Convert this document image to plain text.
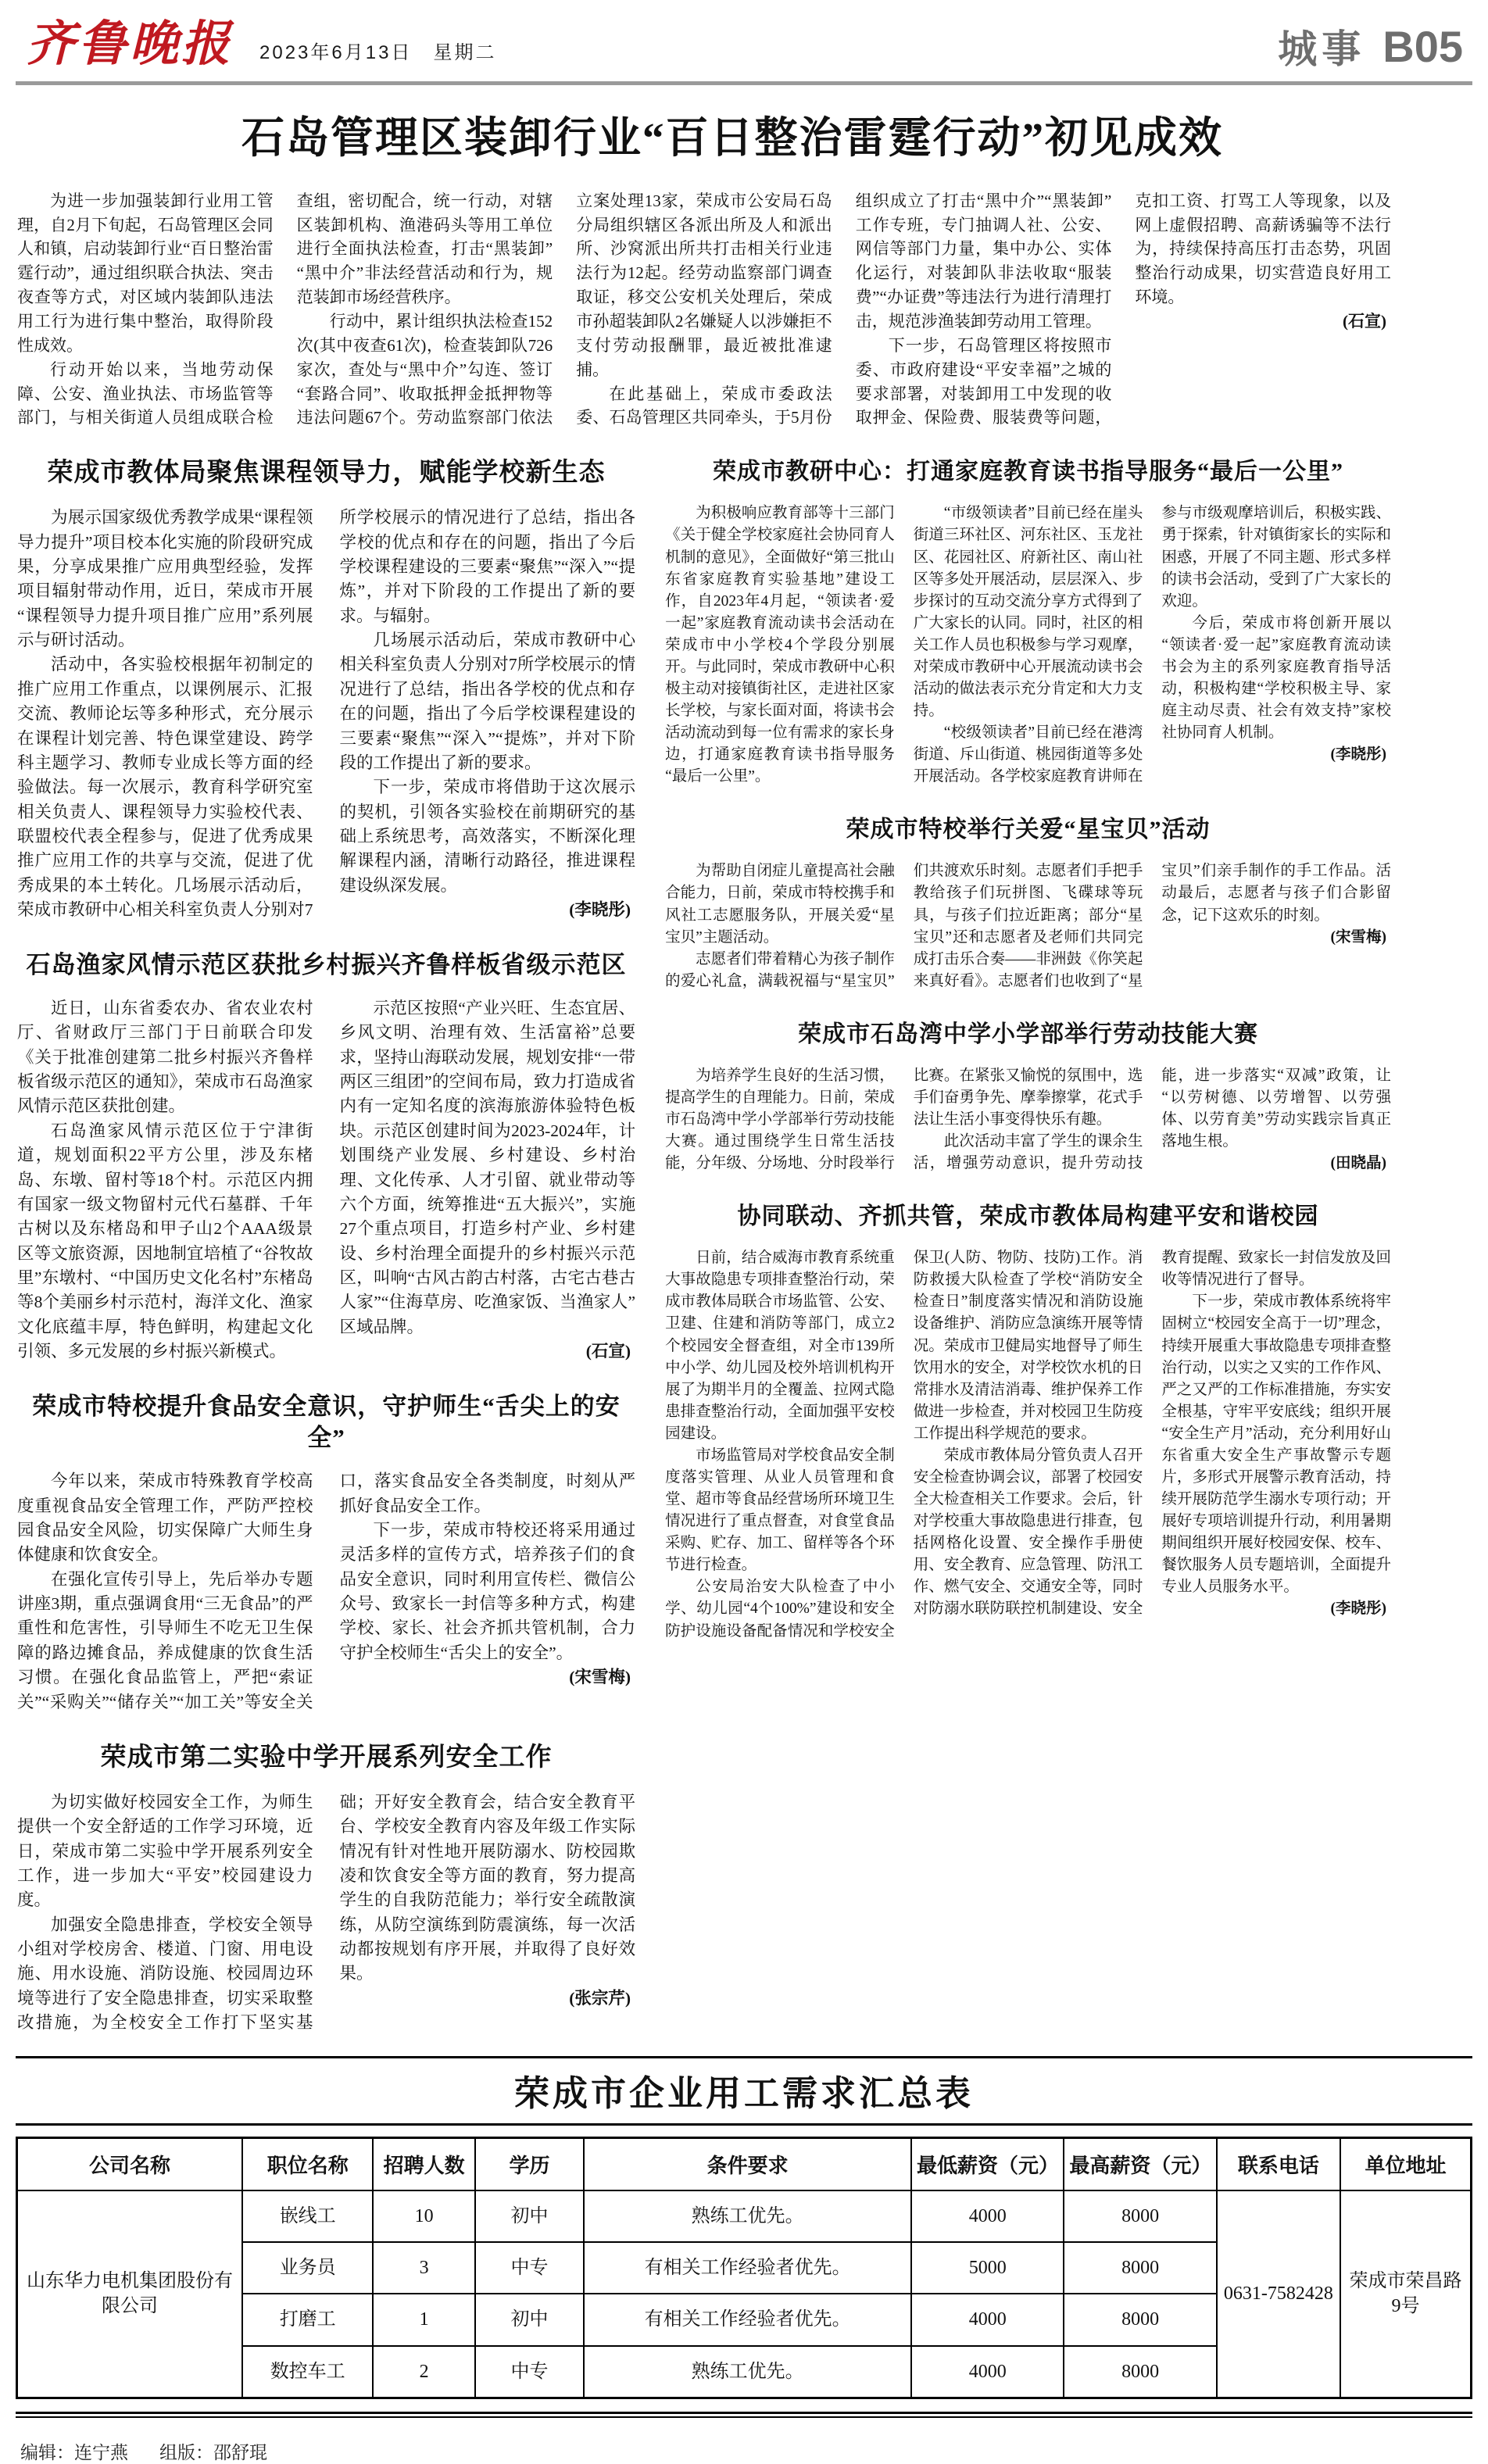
齐鲁晚报 2023年6月13日　星期二	城事 B05
石岛管理区装卸行业“百日整治雷霆行动”初见成效

为进一步加强装卸行业用工管理，自2月下旬起，石岛管理区会同人和镇，启动装卸行业“百日整治雷霆行动”，通过组织联合执法、突击夜查等方式，对区域内装卸队违法用工行为进行集中整治，取得阶段性成效。

行动开始以来，当地劳动保障、公安、渔业执法、市场监管等部门，与相关街道人员组成联合检查组，密切配合，统一行动，对辖区装卸机构、渔港码头等用工单位进行全面执法检查，打击“黑装卸”“黑中介”非法经营活动和行为，规范装卸市场经营秩序。

行动中，累计组织执法检查152次(其中夜查61次)，检查装卸队726家次，查处与“黑中介”勾连、签订“套路合同”、收取抵押金抵押物等违法问题67个。劳动监察部门依法立案处理13家，荣成市公安局石岛分局组织辖区各派出所及人和派出所、沙窝派出所共打击相关行业违法行为12起。经劳动监察部门调查取证，移交公安机关处理后，荣成市孙超装卸队2名嫌疑人以涉嫌拒不支付劳动报酬罪，最近被批准逮捕。

在此基础上，荣成市委政法委、石岛管理区共同牵头，于5月份组织成立了打击“黑中介”“黑装卸”工作专班，专门抽调人社、公安、网信等部门力量，集中办公、实体化运行，对装卸队非法收取“服装费”“办证费”等违法行为进行清理打击，规范涉渔装卸劳动用工管理。

下一步，石岛管理区将按照市委、市政府建设“平安幸福”之城的要求部署，对装卸用工中发现的收取押金、保险费、服装费等问题，克扣工资、打骂工人等现象，以及网上虚假招聘、高薪诱骗等不法行为，持续保持高压打击态势，巩固整治行动成果，切实营造良好用工环境。

(石宣)
荣成市教体局聚焦课程领导力，赋能学校新生态

为展示国家级优秀教学成果“课程领导力提升”项目校本化实施的阶段研究成果，分享成果推广应用典型经验，发挥项目辐射带动作用，近日，荣成市开展“课程领导力提升项目推广应用”系列展示与研讨活动。

活动中，各实验校根据年初制定的推广应用工作重点，以课例展示、汇报交流、教师论坛等多种形式，充分展示在课程计划完善、特色课堂建设、跨学科主题学习、教师专业成长等方面的经验做法。每一次展示，教育科学研究室相关负责人、课程领导力实验校代表、联盟校代表全程参与，促进了优秀成果推广应用工作的共享与交流，促进了优秀成果的本土转化。几场展示活动后，荣成市教研中心相关科室负责人分别对7所学校展示的情况进行了总结，指出各学校的优点和存在的问题，指出了今后学校课程建设的三要素“聚焦”“深入”“提炼”，并对下阶段的工作提出了新的要求。与辐射。

几场展示活动后，荣成市教研中心相关科室负责人分别对7所学校展示的情况进行了总结，指出各学校的优点和存在的问题，指出了今后学校课程建设的三要素“聚焦”“深入”“提炼”，并对下阶段的工作提出了新的要求。

下一步，荣成市将借助于这次展示的契机，引领各实验校在前期研究的基础上系统思考，高效落实，不断深化理解课程内涵，清晰行动路径，推进课程建设纵深发展。

(李晓彤)
石岛渔家风情示范区获批乡村振兴齐鲁样板省级示范区

近日，山东省委农办、省农业农村厅、省财政厅三部门于日前联合印发《关于批准创建第二批乡村振兴齐鲁样板省级示范区的通知》，荣成市石岛渔家风情示范区获批创建。

石岛渔家风情示范区位于宁津街道，规划面积22平方公里，涉及东楮岛、东墩、留村等18个村。示范区内拥有国家一级文物留村元代石墓群、千年古树以及东楮岛和甲子山2个AAA级景区等文旅资源，因地制宜培植了“谷牧故里”东墩村、“中国历史文化名村”东楮岛等8个美丽乡村示范村，海洋文化、渔家文化底蕴丰厚，特色鲜明，构建起文化引领、多元发展的乡村振兴新模式。

示范区按照“产业兴旺、生态宜居、乡风文明、治理有效、生活富裕”总要求，坚持山海联动发展，规划安排“一带两区三组团”的空间布局，致力打造成省内有一定知名度的滨海旅游体验特色板块。示范区创建时间为2023-2024年，计划围绕产业发展、乡村建设、乡村治理、文化传承、人才引留、就业带动等六个方面，统筹推进“五大振兴”，实施27个重点项目，打造乡村产业、乡村建设、乡村治理全面提升的乡村振兴示范区，叫响“古风古韵古村落，古宅古巷古人家”“住海草房、吃渔家饭、当渔家人”区域品牌。

(石宣)
荣成市特校提升食品安全意识，守护师生“舌尖上的安全”

今年以来，荣成市特殊教育学校高度重视食品安全管理工作，严防严控校园食品安全风险，切实保障广大师生身体健康和饮食安全。

在强化宣传引导上，先后举办专题讲座3期，重点强调食用“三无食品”的严重性和危害性，引导师生不吃无卫生保障的路边摊食品，养成健康的饮食生活习惯。在强化食品监管上，严把“索证关”“采购关”“储存关”“加工关”等安全关口，落实食品安全各类制度，时刻从严抓好食品安全工作。

下一步，荣成市特校还将采用通过灵活多样的宣传方式，培养孩子们的食品安全意识，同时利用宣传栏、微信公众号、致家长一封信等多种方式，构建学校、家长、社会齐抓共管机制，合力守护全校师生“舌尖上的安全”。

(宋雪梅)
荣成市第二实验中学开展系列安全工作

为切实做好校园安全工作，为师生提供一个安全舒适的工作学习环境，近日，荣成市第二实验中学开展系列安全工作，进一步加大“平安”校园建设力度。

加强安全隐患排查，学校安全领导小组对学校房舍、楼道、门窗、用电设施、用水设施、消防设施、校园周边环境等进行了安全隐患排查，切实采取整改措施，为全校安全工作打下坚实基础；开好安全教育会，结合安全教育平台、学校安全教育内容及年级工作实际情况有针对性地开展防溺水、防校园欺凌和饮食安全等方面的教育，努力提高学生的自我防范能力；举行安全疏散演练，从防空演练到防震演练，每一次活动都按规划有序开展，并取得了良好效果。

(张宗芹)
荣成市教研中心：打通家庭教育读书指导服务“最后一公里”

为积极响应教育部等十三部门《关于健全学校家庭社会协同育人机制的意见》，全面做好“第三批山东省家庭教育实验基地”建设工作，自2023年4月起，“领读者·爱一起”家庭教育流动读书会活动在荣成市中小学校4个学段分别展开。与此同时，荣成市教研中心积极主动对接镇街社区，走进社区家长学校，与家长面对面，将读书会活动流动到每一位有需求的家长身边，打通家庭教育读书指导服务“最后一公里”。

“市级领读者”目前已经在崖头街道三环社区、河东社区、玉龙社区、花园社区、府新社区、南山社区等多处开展活动，层层深入、步步探讨的互动交流分享方式得到了广大家长的认同。同时，社区的相关工作人员也积极参与学习观摩，对荣成市教研中心开展流动读书会活动的做法表示充分肯定和大力支持。

“校级领读者”目前已经在港湾街道、斥山街道、桃园街道等多处开展活动。各学校家庭教育讲师在参与市级观摩培训后，积极实践、勇于探索，针对镇街家长的实际和困惑，开展了不同主题、形式多样的读书会活动，受到了广大家长的欢迎。

今后，荣成市将创新开展以“领读者·爱一起”家庭教育流动读书会为主的系列家庭教育指导活动，积极构建“学校积极主导、家庭主动尽责、社会有效支持”家校社协同育人机制。

(李晓彤)
荣成市特校举行关爱“星宝贝”活动

为帮助自闭症儿童提高社会融合能力，日前，荣成市特校携手和风社工志愿服务队，开展关爱“星宝贝”主题活动。

志愿者们带着精心为孩子制作的爱心礼盒，满载祝福与“星宝贝”们共渡欢乐时刻。志愿者们手把手教给孩子们玩拼图、飞碟球等玩具，与孩子们拉近距离；部分“星宝贝”还和志愿者及老师们共同完成打击乐合奏——非洲鼓《你笑起来真好看》。志愿者们也收到了“星宝贝”们亲手制作的手工作品。活动最后，志愿者与孩子们合影留念，记下这欢乐的时刻。

(宋雪梅)
荣成市石岛湾中学小学部举行劳动技能大赛

为培养学生良好的生活习惯，提高学生的自理能力。日前，荣成市石岛湾中学小学部举行劳动技能大赛。通过围绕学生日常生活技能，分年级、分场地、分时段举行比赛。在紧张又愉悦的氛围中，选手们奋勇争先、摩拳擦掌，花式手法让生活小事变得快乐有趣。

此次活动丰富了学生的课余生活，增强劳动意识，提升劳动技能，进一步落实“双减”政策，让“以劳树德、以劳增智、以劳强体、以劳育美”劳动实践宗旨真正落地生根。

(田晓晶)
协同联动、齐抓共管，荣成市教体局构建平安和谐校园

日前，结合威海市教育系统重大事故隐患专项排查整治行动，荣成市教体局联合市场监管、公安、卫建、住建和消防等部门，成立2个校园安全督查组，对全市139所中小学、幼儿园及校外培训机构开展了为期半月的全覆盖、拉网式隐患排查整治行动，全面加强平安校园建设。

市场监管局对学校食品安全制度落实管理、从业人员管理和食堂、超市等食品经营场所环境卫生情况进行了重点督查，对食堂食品采购、贮存、加工、留样等各个环节进行检查。

公安局治安大队检查了中小学、幼儿园“4个100%”建设和安全防护设施设备配备情况和学校安全保卫(人防、物防、技防)工作。消防救援大队检查了学校“消防安全检查日”制度落实情况和消防设施设备维护、消防应急演练开展等情况。荣成市卫健局实地督导了师生饮用水的安全，对学校饮水机的日常排水及清洁消毒、维护保养工作做进一步检查，并对校园卫生防疫工作提出科学规范的要求。

荣成市教体局分管负责人召开安全检查协调会议，部署了校园安全大检查相关工作要求。会后，针对学校重大事故隐患进行排查，包括网格化设置、安全操作手册使用、安全教育、应急管理、防汛工作、燃气安全、交通安全等，同时对防溺水联防联控机制建设、安全教育提醒、致家长一封信发放及回收等情况进行了督导。

下一步，荣成市教体系统将牢固树立“校园安全高于一切”理念，持续开展重大事故隐患专项排查整治行动，以实之又实的工作作风、严之又严的工作标准措施，夯实安全根基，守牢平安底线；组织开展“安全生产月”活动，充分利用好山东省重大安全生产事故警示专题片，多形式开展警示教育活动，持续开展防范学生溺水专项行动；开展好专项培训提升行动，利用暑期期间组织开展好校园安保、校车、餐饮服务人员专题培训，全面提升专业人员服务水平。

(李晓彤)
荣成市企业用工需求汇总表
公司名称	职位名称	招聘人数	学历	条件要求	最低薪资（元）	最高薪资（元）	联系电话	单位地址
山东华力电机集团股份有限公司	嵌线工	10	初中	熟练工优先。	4000	8000	0631-7582428	荣成市荣昌路9号
	业务员	3	中专	有相关工作经验者优先。	5000	8000		
	打磨工	1	初中	有相关工作经验者优先。	4000	8000		
	数控车工	2	中专	熟练工优先。	4000	8000		
编辑：连宁燕 组版：邵舒琨
